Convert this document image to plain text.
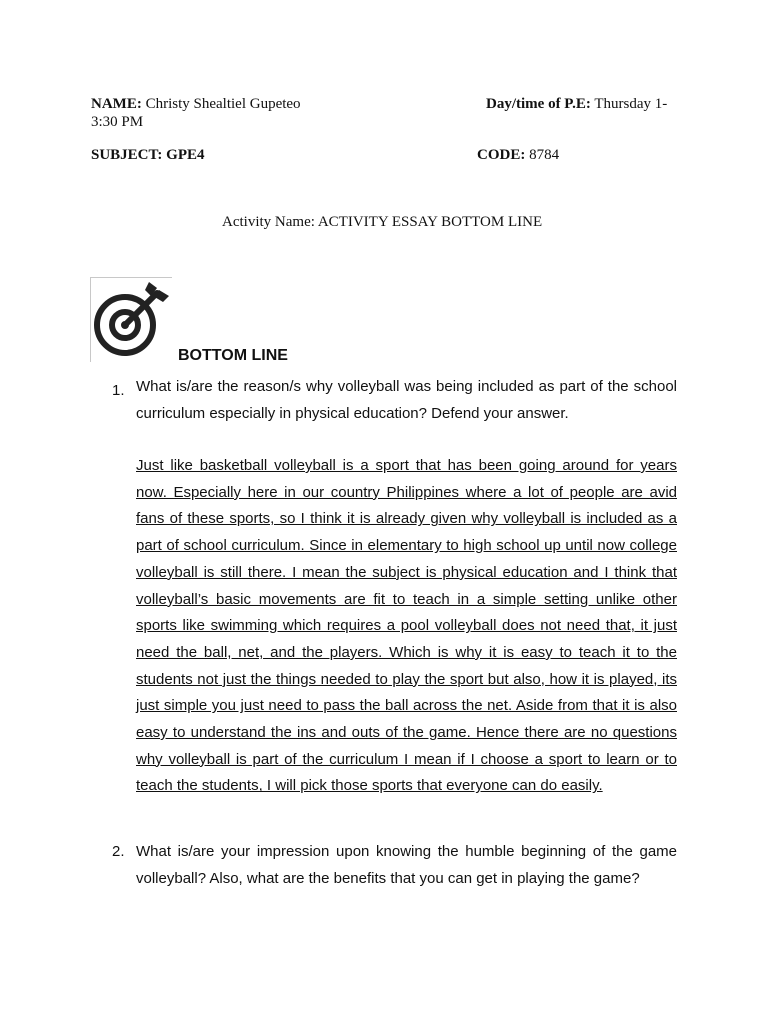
NAME: Christy Shealtiel Gupeteo	Day/time of P.E: Thursday 1-
3:30 PM
SUBJECT: GPE4	CODE: 8784
Activity Name: ACTIVITY ESSAY BOTTOM LINE
BOTTOM LINE
1. What is/are the reason/s why volleyball was being included as part of the school curriculum especially in physical education? Defend your answer.
Just like basketball volleyball is a sport that has been going around for years now. Especially here in our country Philippines where a lot of people are avid fans of these sports, so I think it is already given why volleyball is included as a part of school curriculum. Since in elementary to high school up until now college volleyball is still there. I mean the subject is physical education and I think that volleyball’s basic movements are fit to teach in a simple setting unlike other sports like swimming which requires a pool volleyball does not need that, it just need the ball, net, and the players. Which is why it is easy to teach it to the students not just the things needed to play the sport but also, how it is played, its just simple you just need to pass the ball across the net. Aside from that it is also easy to understand the ins and outs of the game. Hence there are no questions why volleyball is part of the curriculum I mean if I choose a sport to learn or to teach the students, I will pick those sports that everyone can do easily.
2. What is/are your impression upon knowing the humble beginning of the game volleyball? Also, what are the benefits that you can get in playing the game?
